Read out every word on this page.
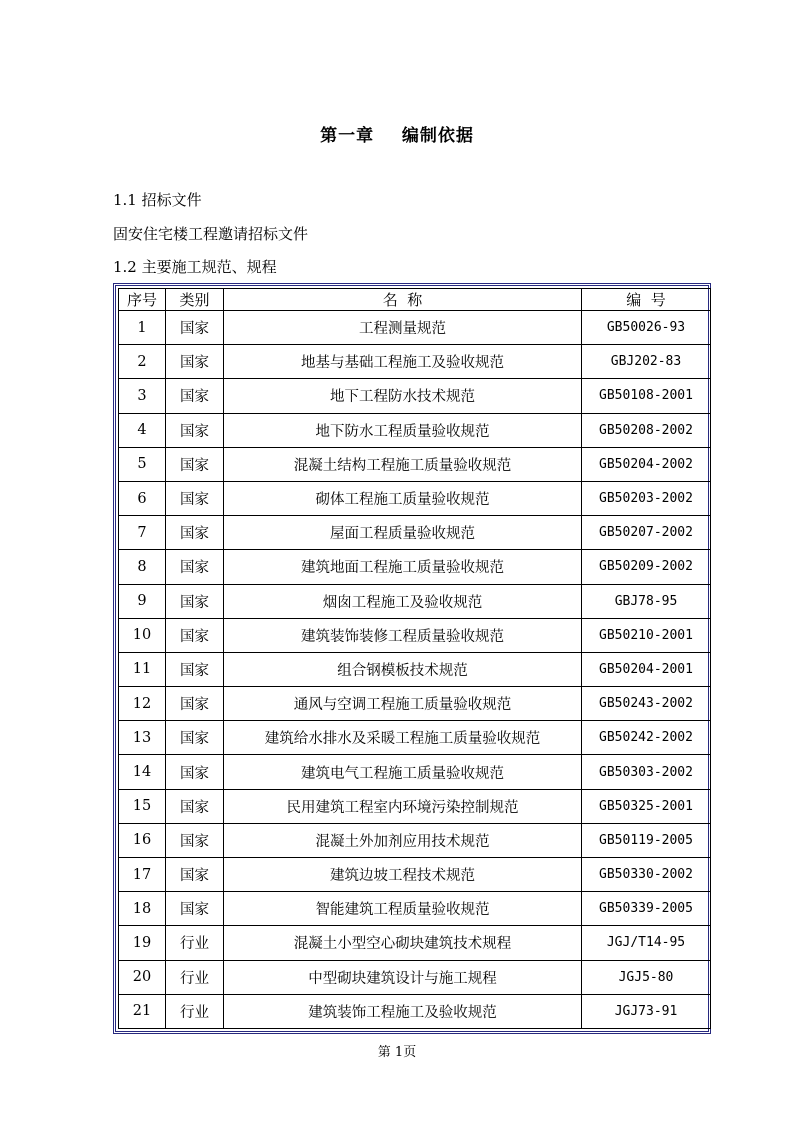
第一章    编制依据
1.1 招标文件
固安住宅楼工程邀请招标文件
1.2 主要施工规范、规程
序号	类别	名  称	编  号
1	国家	工程测量规范	GB50026-93
2	国家	地基与基础工程施工及验收规范	GBJ202-83
3	国家	地下工程防水技术规范	GB50108-2001
4	国家	地下防水工程质量验收规范	GB50208-2002
5	国家	混凝土结构工程施工质量验收规范	GB50204-2002
6	国家	砌体工程施工质量验收规范	GB50203-2002
7	国家	屋面工程质量验收规范	GB50207-2002
8	国家	建筑地面工程施工质量验收规范	GB50209-2002
9	国家	烟囱工程施工及验收规范	GBJ78-95
10	国家	建筑装饰装修工程质量验收规范	GB50210-2001
11	国家	组合钢模板技术规范	GB50204-2001
12	国家	通风与空调工程施工质量验收规范	GB50243-2002
13	国家	建筑给水排水及采暖工程施工质量验收规范	GB50242-2002
14	国家	建筑电气工程施工质量验收规范	GB50303-2002
15	国家	民用建筑工程室内环境污染控制规范	GB50325-2001
16	国家	混凝土外加剂应用技术规范	GB50119-2005
17	国家	建筑边坡工程技术规范	GB50330-2002
18	国家	智能建筑工程质量验收规范	GB50339-2005
19	行业	混凝土小型空心砌块建筑技术规程	JGJ/T14-95
20	行业	中型砌块建筑设计与施工规程	JGJ5-80
21	行业	建筑装饰工程施工及验收规范	JGJ73-91
第 1页
